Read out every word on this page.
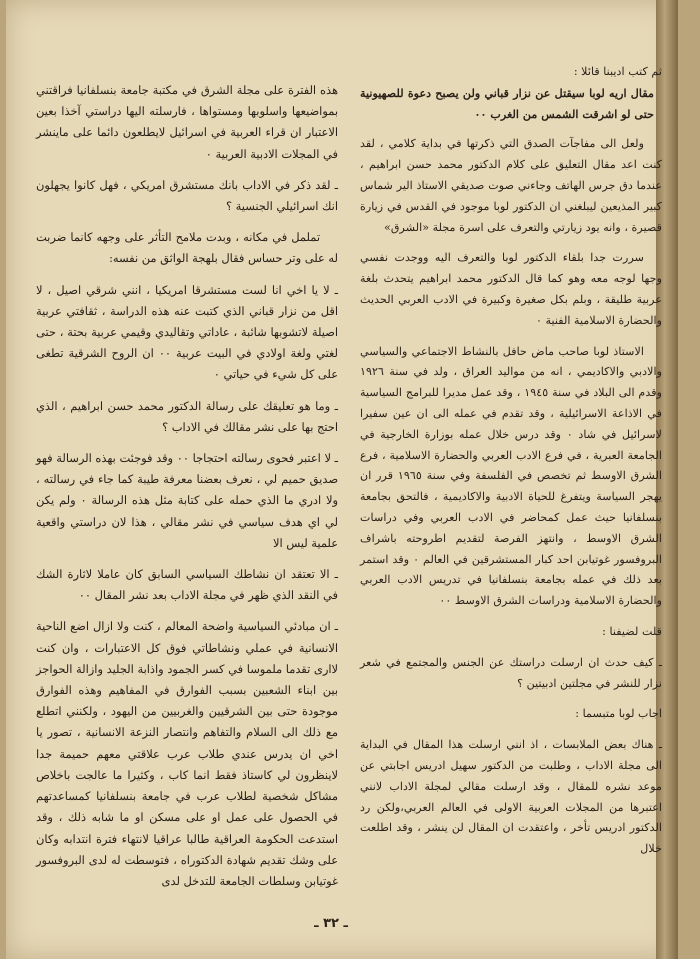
ثم كتب اديبنا قائلا :

مقال اريه لوبا سيقتل عن نزار قباني ولن يصبح دعوة للصهيونية حتى لو اشرقت الشمس من الغرب ٠٠

ولعل الى مفاجآت الصدق التي ذكرتها في بداية كلامي ، لقد كنت اعد مقال التعليق على كلام الدكتور محمد حسن ابراهيم ، عندما دق جرس الهاتف وجاءني صوت صديقي الاستاذ الير شماس كبير المذيعين ليبلغني ان الدكتور لوبا موجود في القدس في زيارة قصيرة ، وانه يود زيارتي والتعرف على اسرة مجلة «الشرق»

سررت جدا بلقاء الدكتور لوبا والتعرف اليه ووجدت نفسي وجها لوجه معه وهو كما قال الدكتور محمد ابراهيم يتحدث بلغة عربية طليقة ، وبلم بكل صغيرة وكبيرة في الادب العربي الحديث والحضارة الاسلامية الفنية ٠

الاستاذ لوبا صاحب ماض حافل بالنشاط الاجتماعي والسياسي والادبي والاكاديمي ، انه من مواليد العراق ، ولد في سنة ١٩٢٦ وقدم الى البلاد في سنة ١٩٤٥ ، وقد عمل مديرا للبرامج السياسية في الاذاعة الاسرائيلية ، وقد تقدم في عمله الى ان عين سفيرا لاسرائيل في شاد ٠ وقد درس خلال عمله بوزارة الخارجية في الجامعة العبرية ، في فرع الادب العربي والحضارة الاسلامية ، فرع الشرق الاوسط ثم تخصص في الفلسفة وفي سنة ١٩٦٥ قرر ان يهجر السياسة ويتفرغ للحياة الادبية والاكاديمية ، فالتحق بجامعة بنسلفانيا حيث عمل كمحاضر في الادب العربي وفي دراسات الشرق الاوسط ، وانتهز الفرصة لتقديم اطروحته باشراف البروفسور غوتيابن احد كبار المستشرقين في العالم ٠ وقد استمر بعد ذلك في عمله بجامعة بنسلفانيا في تدريس الادب العربي والحضارة الاسلامية ودراسات الشرق الاوسط ٠٠

قلت لضيفنا :

ـ كيف حدث ان ارسلت دراستك عن الجنس والمجتمع في شعر نزار للنشر في مجلتين ادبيتين ؟

اجاب لوبا متبسما :

ـ هناك بعض الملابسات ، اذ انني ارسلت هذا المقال في البداية الى مجلة الاداب ، وطلبت من الدكتور سهيل ادريس اجابتي عن موعد نشره للمقال ، وقد ارسلت مقالي لمجلة الاداب لانني اعتبرها من المجلات العربية الاولى في العالم العربي،ولكن رد الدكتور ادريس تأخر ، واعتقدت ان المقال لن ينشر ، وقد اطلعت خلال

هذه الفترة على مجلة الشرق في مكتبة جامعة بنسلفانيا فراقتني بمواضيعها واسلوبها ومستواها ، فارسلته اليها دراستي آخذا بعين الاعتبار ان قراء العربية في اسرائيل لايطلعون دائما على ماينشر في المجلات الادبية العربية ٠

ـ لقد ذكر في الاداب بانك مستشرق امريكي ، فهل كانوا يجهلون انك اسرائيلي الجنسية ؟

تململ في مكانه ، وبدت ملامح التأثر على وجهه كانما ضربت له على وتر حساس فقال بلهجة الواثق من نفسه:

ـ لا يا اخي انا لست مستشرقا امريكيا ، انني شرقي اصيل ، لا اقل من نزار قباني الذي كتبت عنه هذه الدراسة ، ثقافتي عربية اصيلة لاتشوبها شائبة ، عاداتي وتقاليدي وقيمي عربية بحتة ، حتى لغتي ولغة اولادي في البيت عربية ٠٠ ان الروح الشرقية تطغى على كل شيء في حياتي ٠

ـ وما هو تعليقك على رسالة الدكتور محمد حسن ابراهيم ، الذي احتج بها على نشر مقالك في الاداب ؟

ـ لا اعتبر فحوى رسالته احتجاجا ٠٠ وقد فوجئت بهذه الرسالة فهو صديق حميم لي ، نعرف بعضنا معرفة طيبة كما جاء في رسالته ، ولا ادري ما الذي حمله على كتابة مثل هذه الرسالة ٠ ولم يكن لي اي هدف سياسي في نشر مقالي ، هذا لان دراستي واقعية علمية ليس الا

ـ الا تعتقد ان نشاطك السياسي السابق كان عاملا لاثارة الشك في النقد الذي ظهر في مجلة الاداب بعد نشر المقال ٠٠

ـ ان مبادئي السياسية واضحة المعالم ، كنت ولا ازال اضع الناحية الانسانية في عملي ونشاطاتي فوق كل الاعتبارات ، وان كنت لاارى تقدما ملموسا في كسر الجمود واذابة الجليد وازالة الحواجز بين ابناء الشعبين بسبب الفوارق في المفاهيم وهذه الفوارق موجودة حتى بين الشرقيين والغربيين من اليهود ، ولكنني اتطلع مع ذلك الى السلام والتفاهم وانتصار النزعة الانسانية ، تصور يا اخي ان يدرس عندي طلاب عرب علاقتي معهم حميمة جدا لاينظرون لي كاستاذ فقط انما كاب ، وكثيرا ما عالجت باخلاص مشاكل شخصية لطلاب عرب في جامعة بنسلفانيا كمساعدتهم في الحصول على عمل او على مسكن او ما شابه ذلك ، وقد استدعت الحكومة العراقية طالبا عراقيا لانتهاء فترة انتدابه وكان على وشك تقديم شهادة الدكتوراه ، فتوسطت له لدى البروفسور غوتيابن وسلطات الجامعة للتدخل لدى

ـ ٣٢ ـ
